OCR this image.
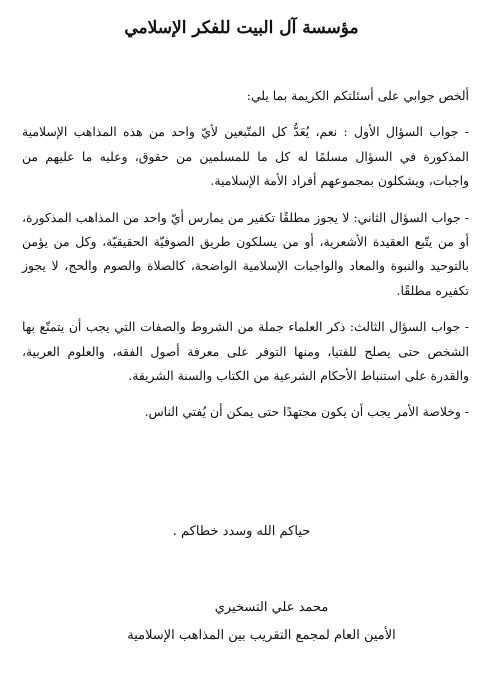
مؤسسة آل البيت للفكر الإسلامي

ألخص جوابي على أسئلتكم الكريمة بما يلي:

- جواب السؤال الأول : نعم، يُعَدُّ كل المتّبعين لأيّ واحد من هذه المذاهب الإسلامية المذكورة في السؤال مسلمًا له كل ما للمسلمين من حقوق، وعليه ما عليهم من واجبات، ويشكلون بمجموعهم أفراد الأمة الإسلامية.

- جواب السؤال الثاني: لا يجوز مطلقًا تكفير من يمارس أيّ واحد من المذاهب المذكورة، أو من يتّبع العقيدة الأشعرية، أو من يسلكون طريق الصوفيّة الحقيقيّة، وكل من يؤمن بالتوحيد والنبوة والمعاد والواجبات الإسلامية الواضحة، كالصلاة والصوم والحج، لا يجوز تكفيره مطلقًا.

- جواب السؤال الثالث: ذكر العلماء جملة من الشروط والصفات التي يجب أن يتمتّع بها الشخص حتى يصلح للفتيا، ومنها التوفر على معرفة أصول الفقه، والعلوم العربية، والقدرة على استنباط الأحكام الشرعية من الكتاب والسنة الشريفة.

- وخلاصة الأمر يجب أن يكون مجتهدًا حتى يمكن أن يُفتي الناس.

حياكم الله وسدد خطاكم .
محمد علي التسخيري
الأمين العام لمجمع التقريب بين المذاهب الإسلامية
